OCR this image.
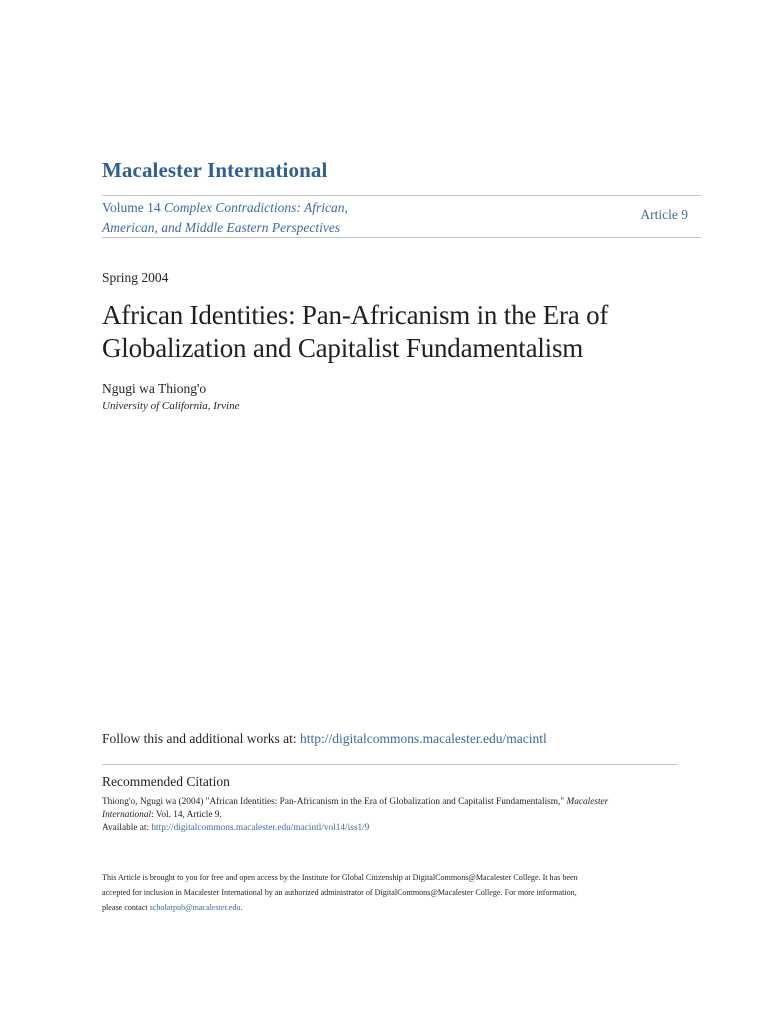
Macalester International
Volume 14 Complex Contradictions: African,
American, and Middle Eastern Perspectives
Article 9
Spring 2004
African Identities: Pan-Africanism in the Era of
Globalization and Capitalist Fundamentalism
Ngugi wa Thiong'o
University of California, Irvine
Follow this and additional works at: http://digitalcommons.macalester.edu/macintl
Recommended Citation
Thiong'o, Ngugi wa (2004) "African Identities: Pan-Africanism in the Era of Globalization and Capitalist Fundamentalism," Macalester
International: Vol. 14, Article 9.
Available at: http://digitalcommons.macalester.edu/macintl/vol14/iss1/9
This Article is brought to you for free and open access by the Institute for Global Citizenship at DigitalCommons@Macalester College. It has been
accepted for inclusion in Macalester International by an authorized administrator of DigitalCommons@Macalester College. For more information,
please contact scholarpub@macalester.edu.
